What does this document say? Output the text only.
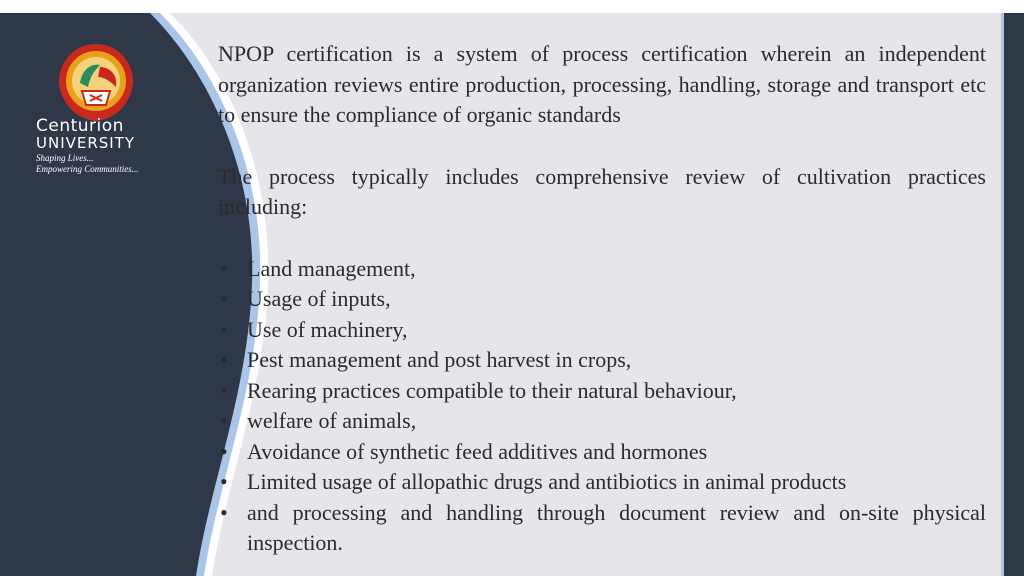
Centurion
UNIVERSITY
Shaping Lives...
Empowering Communities...

NPOP certification is a system of process certification wherein an independent organization reviews entire production, processing, handling, storage and transport etc to ensure the compliance of organic standards

The process typically includes comprehensive review of cultivation practices including:

• Land management,
• Usage of inputs,
• Use of machinery,
• Pest management and post harvest in crops,
• Rearing practices compatible to their natural behaviour,
• welfare of animals,
• Avoidance of synthetic feed additives and hormones
• Limited usage of allopathic drugs and antibiotics in animal products
• and processing and handling through document review and on-site physical inspection.
